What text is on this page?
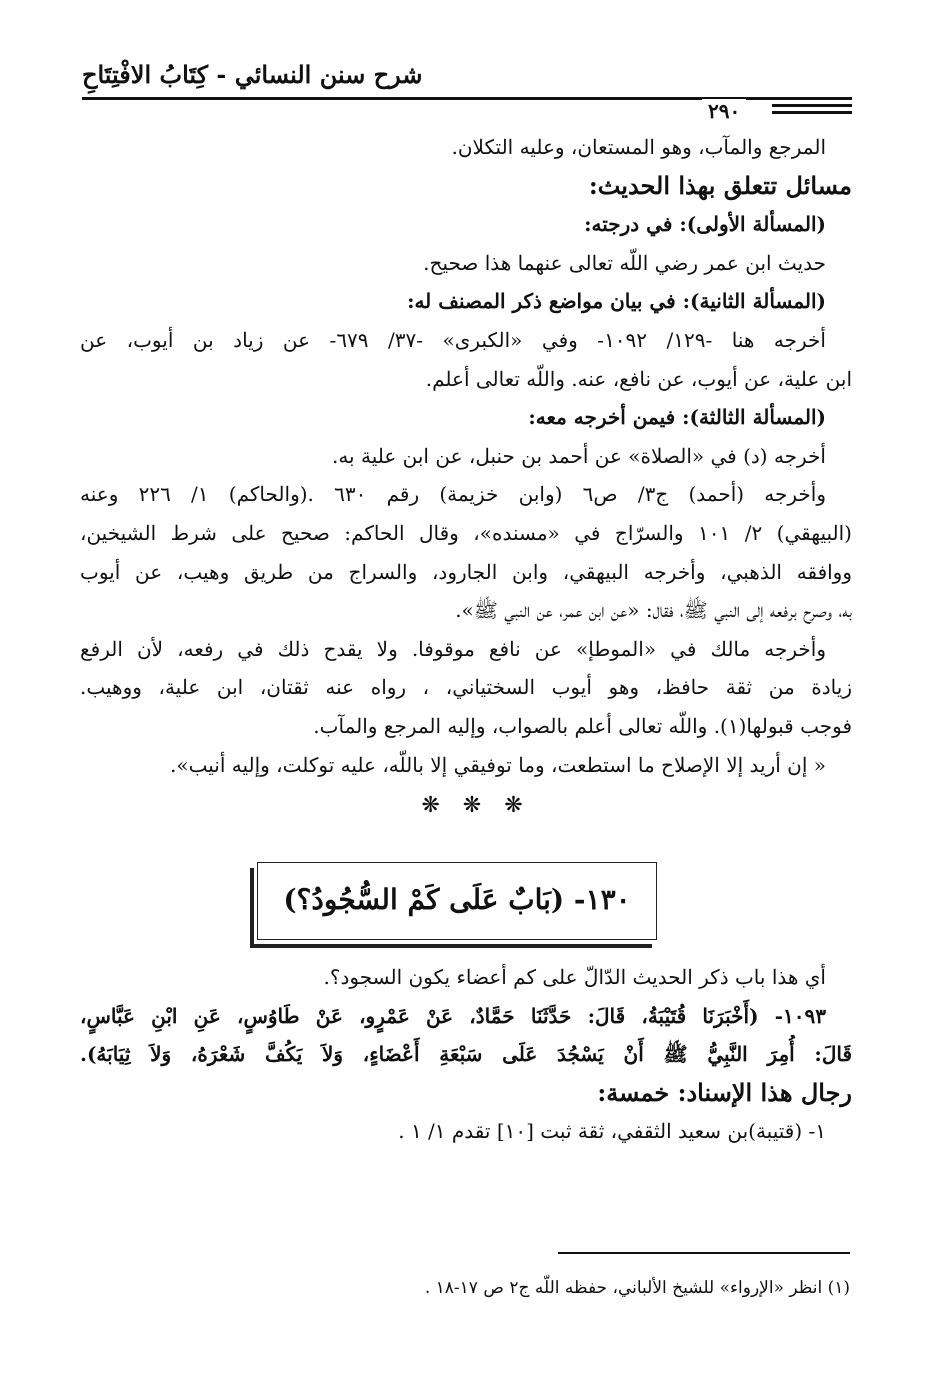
شرح سنن النسائي - كِتَابُ الافْتِتَاحِ
٢٩٠
المرجع والمآب، وهو المستعان، وعليه التكلان.
مسائل تتعلق بهذا الحديث:
(المسألة الأولى): في درجته:
حديث ابن عمر رضي اللّه تعالى عنهما هذا صحيح.
(المسألة الثانية): في بيان مواضع ذكر المصنف له:
أخرجه هنا -١٢٩/ ١٠٩٢- وفي «الكبرى» -٣٧/ ٦٧٩- عن زياد بن أيوب، عن
ابن علية، عن أيوب، عن نافع، عنه. واللّه تعالى أعلم.
(المسألة الثالثة): فيمن أخرجه معه:
أخرجه (د) في «الصلاة» عن أحمد بن حنبل، عن ابن علية به.
وأخرجه (أحمد) ج٣/ ص٦ (وابن خزيمة) رقم ٦٣٠ .(والحاكم) ١/ ٢٢٦ وعنه
(البيهقي) ٢/ ١٠١ والسرّاج في «مسنده»، وقال الحاكم: صحيح على شرط الشيخين،
ووافقه الذهبي، وأخرجه البيهقي، وابن الجارود، والسراج من طريق وهيب، عن أيوب
به، وصرح برفعه إلى النبي ﷺ، فقال: «عن ابن عمر، عن النبي ﷺ».
وأخرجه مالك في «الموطإ» عن نافع موقوفا. ولا يقدح ذلك في رفعه، لأن الرفع
زيادة من ثقة حافظ، وهو أيوب السختياني، ، رواه عنه ثقتان، ابن علية، ووهيب.
فوجب قبولها(١). واللّه تعالى أعلم بالصواب، وإليه المرجع والمآب.
« إن أريد إلا الإصلاح ما استطعت، وما توفيقي إلا باللّه، عليه توكلت، وإليه أنيب».
❋ ❋ ❋
١٣٠- (بَابٌ عَلَى كَمْ السُّجُودُ؟)
أي هذا باب ذكر الحديث الدّالّ على كم أعضاء يكون السجود؟.
١٠٩٣- (أَخْبَرَنَا قُتَيْبَةُ، قَالَ: حَدَّثَنَا حَمَّادٌ، عَنْ عَمْرٍو، عَنْ طَاوُسٍ، عَنِ ابْنِ عَبَّاسٍ،
قَالَ: أُمِرَ النَّبِيُّ ﷺ أَنْ يَسْجُدَ عَلَى سَبْعَةِ أَعْضَاءٍ، وَلاَ يَكُفَّ شَعْرَهُ، وَلاَ ثِيَابَهُ).
رجال هذا الإسناد: خمسة:
١- (قتيبة)بن سعيد الثقفي، ثقة ثبت [١٠] تقدم ١/ ١ .
(١) انظر «الإرواء» للشيخ الألباني، حفظه اللّه ج٢ ص ١٧-١٨ .
